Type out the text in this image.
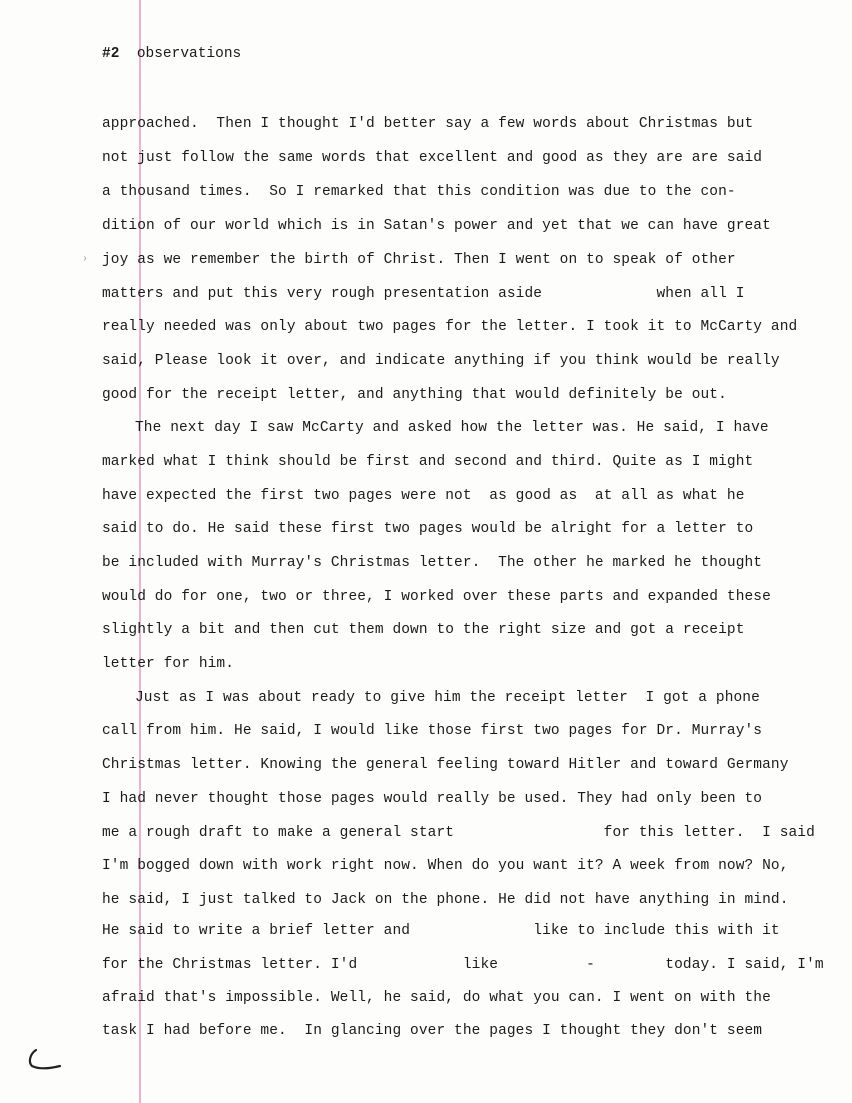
#2 observations
approached.  Then I thought I'd better say a few words about Christmas but
not just follow the same words that excellent and good as they are are said
a thousand times.  So I remarked that this condition was due to the con-
dition of our world which is in Satan's power and yet that we can have great
joy as we remember the birth of Christ. Then I went on to speak of other
matters and put this very rough presentation aside             when all I
really needed was only about two pages for the letter. I took it to McCarty and
said, Please look it over, and indicate anything if you think would be really
good for the receipt letter, and anything that would definitely be out.
The next day I saw McCarty and asked how the letter was. He said, I have
marked what I think should be first and second and third. Quite as I might
have expected the first two pages were not  as good as  at all as what he
said to do. He said these first two pages would be alright for a letter to
be included with Murray's Christmas letter.  The other he marked he thought
would do for one, two or three, I worked over these parts and expanded these
slightly a bit and then cut them down to the right size and got a receipt
letter for him.
Just as I was about ready to give him the receipt letter  I got a phone
call from him. He said, I would like those first two pages for Dr. Murray's
Christmas letter. Knowing the general feeling toward Hitler and toward Germany
I had never thought those pages would really be used. They had only been to
me a rough draft to make a general start                 for this letter.  I said
I'm bogged down with work right now. When do you want it? A week from now? No,
he said, I just talked to Jack on the phone. He did not have anything in mind.
He said to write a brief letter and              like to include this with it
for the Christmas letter. I'd            like          -        today. I said, I'm
afraid that's impossible. Well, he said, do what you can. I went on with the
task I had before me.  In glancing over the pages I thought they don't seem
›
